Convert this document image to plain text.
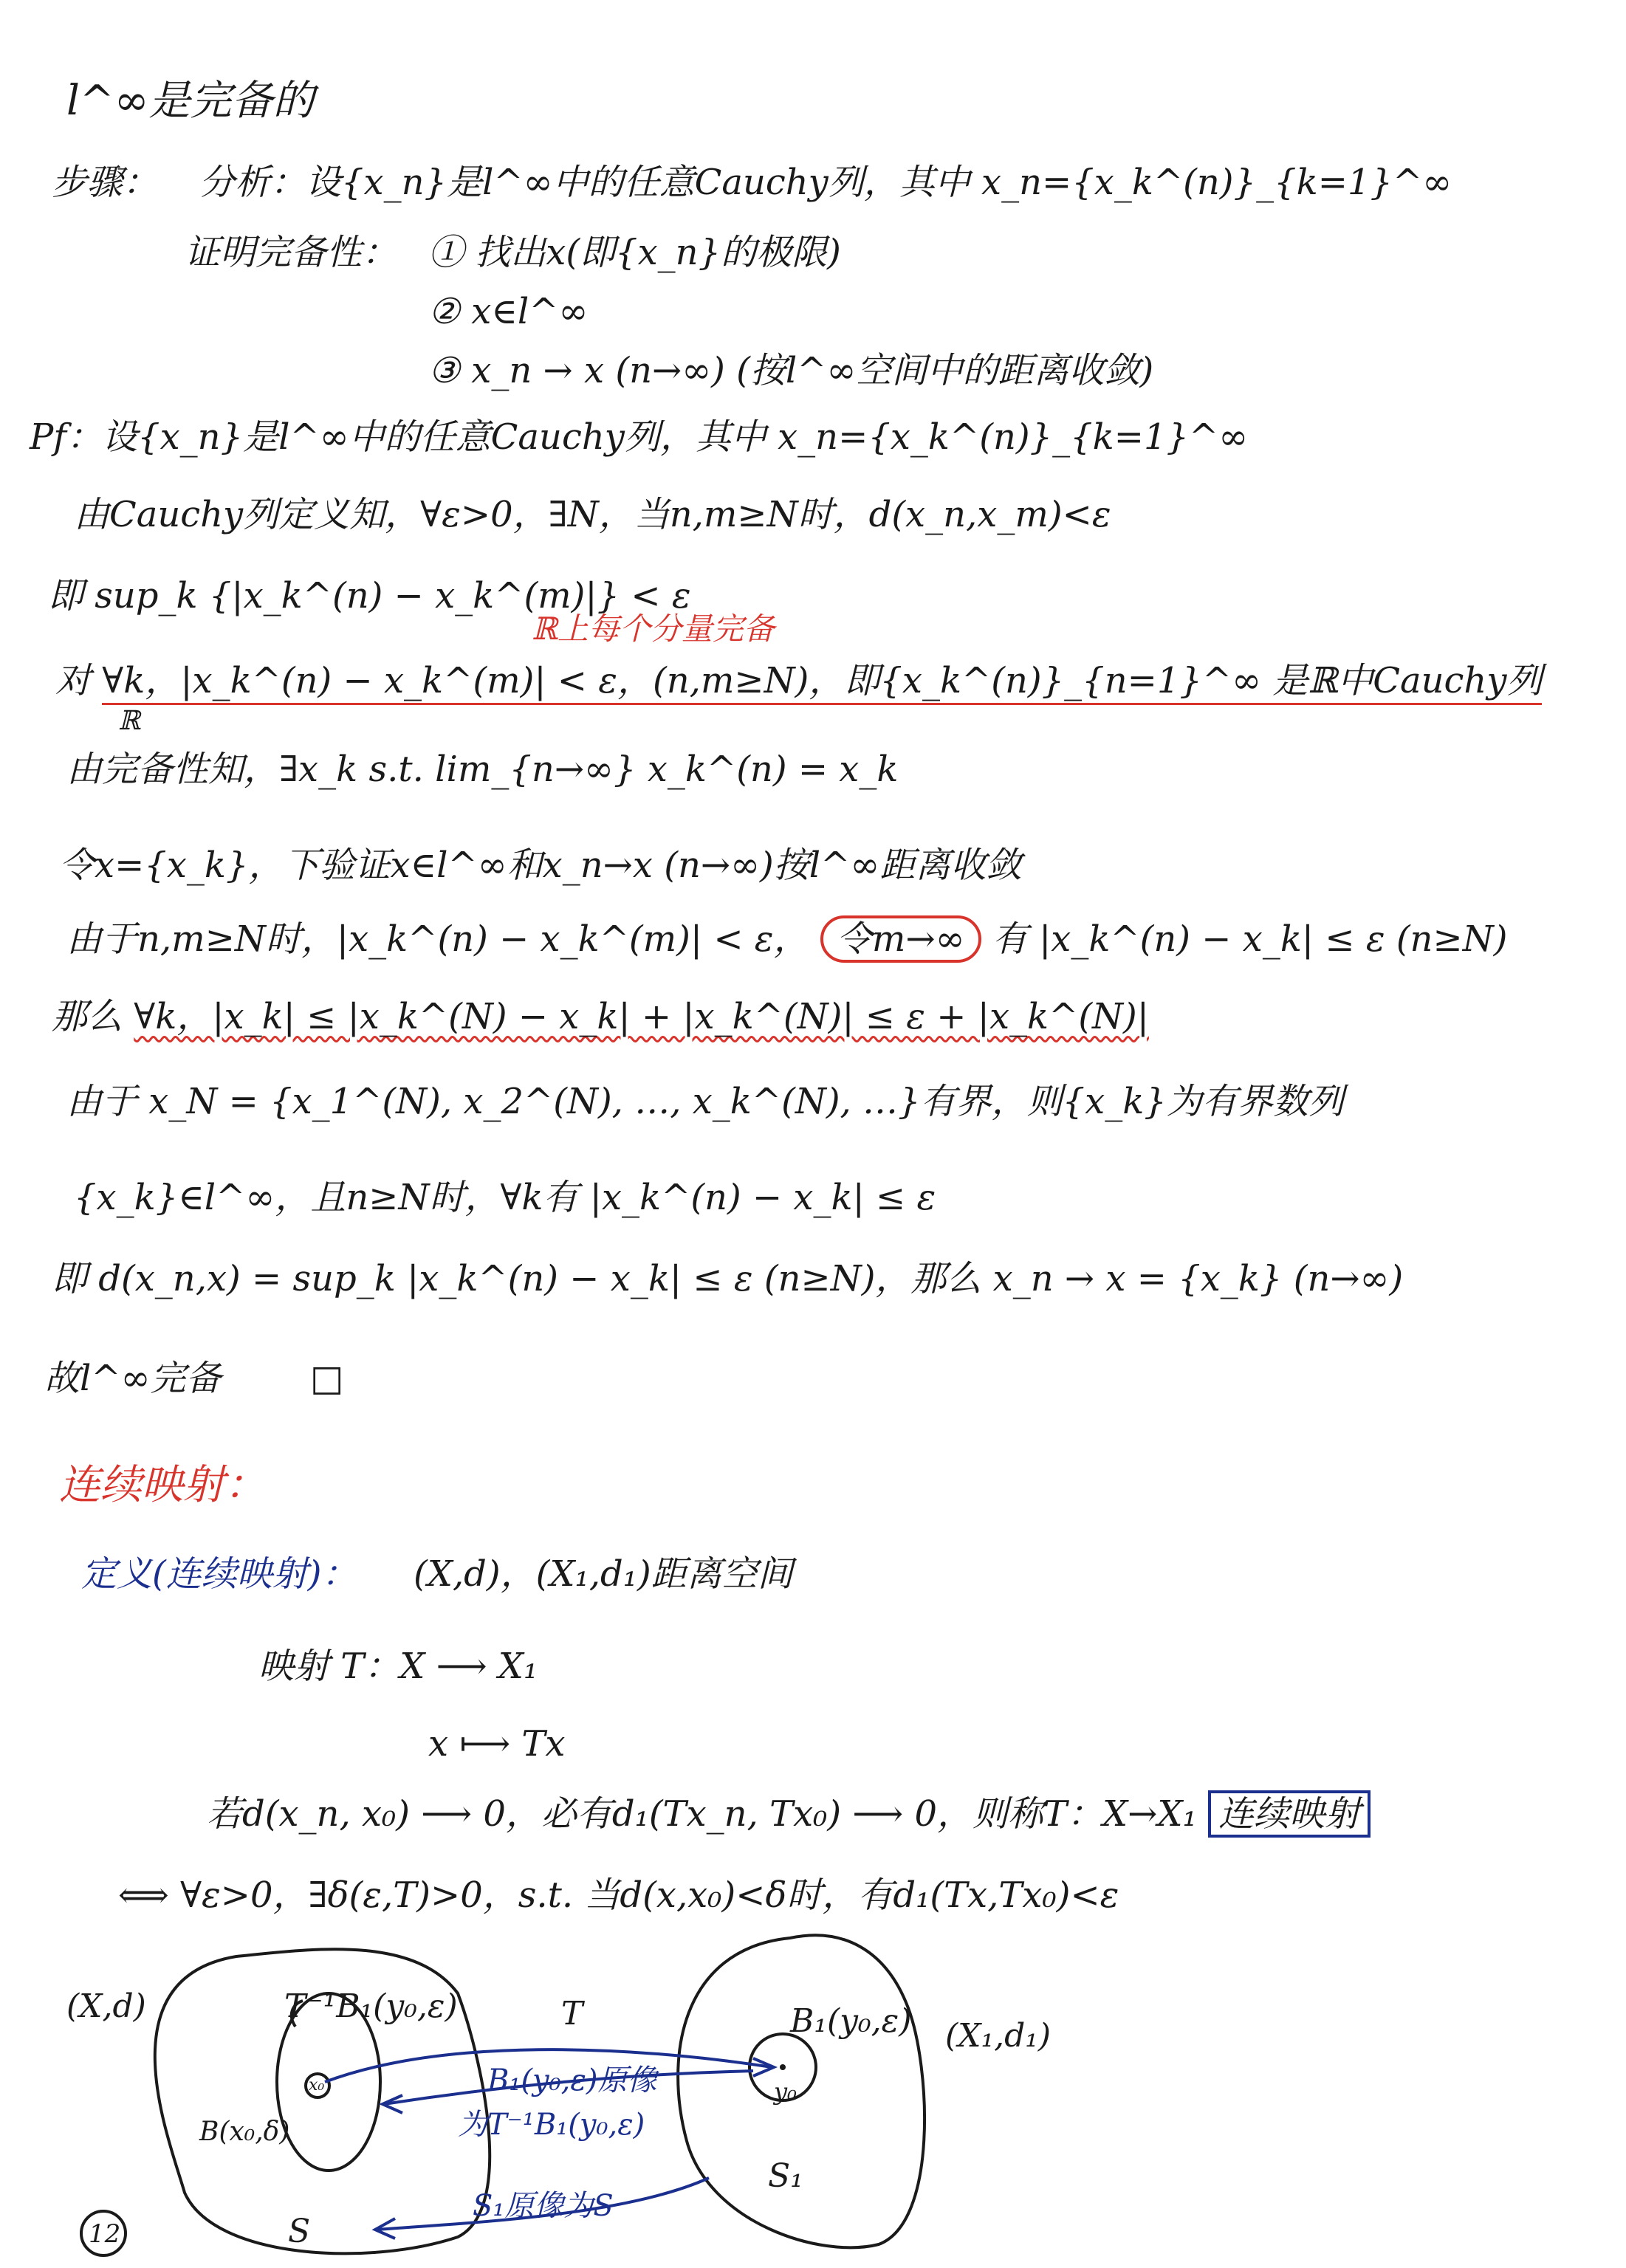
l^∞是完备的
步骤： 分析：设{x_n}是l^∞中的任意Cauchy列，其中 x_n={x_k^(n)}_{k=1}^∞
证明完备性： ① 找出x(即{x_n}的极限)
② x∈l^∞
③ x_n → x (n→∞) (按l^∞空间中的距离收敛)
Pf：设{x_n}是l^∞中的任意Cauchy列，其中 x_n={x_k^(n)}_{k=1}^∞
由Cauchy列定义知，∀ε>0，∃N，当n,m≥N时，d(x_n,x_m)<ε
即 sup_k {|x_k^(n) − x_k^(m)|} < ε
ℝ上每个分量完备
对 ∀k，|x_k^(n) − x_k^(m)| < ε，(n,m≥N)，即{x_k^(n)}_{n=1}^∞ 是ℝ中Cauchy列
ℝ
由完备性知，∃x_k s.t. lim_{n→∞} x_k^(n) = x_k
令x={x_k}，下验证x∈l^∞和x_n→x (n→∞)按l^∞距离收敛
由于n,m≥N时，|x_k^(n) − x_k^(m)| < ε， 令m→∞ 有 |x_k^(n) − x_k| ≤ ε (n≥N)
那么 ∀k，|x_k| ≤ |x_k^(N) − x_k| + |x_k^(N)| ≤ ε + |x_k^(N)|
由于 x_N = {x_1^(N), x_2^(N), …, x_k^(N), …}有界，则{x_k}为有界数列
{x_k}∈l^∞，且n≥N时，∀k有 |x_k^(n) − x_k| ≤ ε
即 d(x_n,x) = sup_k |x_k^(n) − x_k| ≤ ε (n≥N)，那么 x_n → x = {x_k} (n→∞)
故l^∞完备	□
连续映射：
定义(连续映射)： (X,d)，(X₁,d₁)距离空间
映射 T：X ⟶ X₁
x ⟼ Tx
若d(x_n, x₀) ⟶ 0，必有d₁(Tx_n, Tx₀) ⟶ 0，则称T：X→X₁ 连续映射
⟺ ∀ε>0，∃δ(ε,T)>0，s.t. 当d(x,x₀)<δ时，有d₁(Tx,Tx₀)<ε
(X,d)
(X₁,d₁)
T⁻¹B₁(y₀,ε)
B(x₀,δ)
x₀
T	B₁(y₀,ε)
y₀
B₁(y₀,ε)原像
为T⁻¹B₁(y₀,ε)
S₁原像为S
S
S₁
12
